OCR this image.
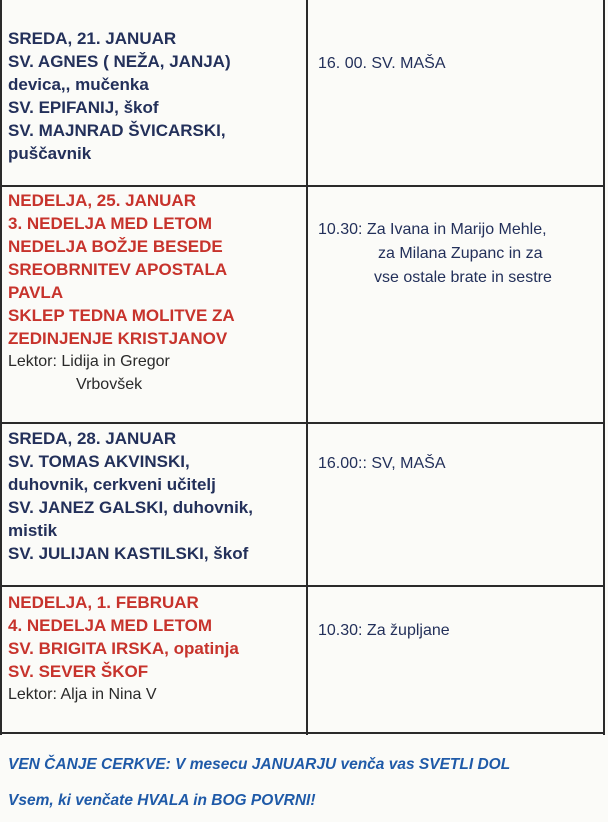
SREDA, 21. JANUAR
SV. AGNES ( NEŽA, JANJA)
devica,, mučenka
SV. EPIFANIJ, škof
SV. MAJNRAD ŠVICARSKI,
puščavnik
16. 00. SV. MAŠA
NEDELJA, 25. JANUAR
3. NEDELJA MED LETOM
NEDELJA BOŽJE BESEDE
SREOBRNITEV APOSTALA
PAVLA
SKLEP TEDNA MOLITVE ZA
ZEDINJENJE KRISTJANOV
Lektor: Lidija in Gregor
Vrbovšek
10.30: Za Ivana in Marijo Mehle,
za Milana Zupanc in za
vse ostale brate in sestre
SREDA, 28. JANUAR
SV. TOMAS AKVINSKI,
duhovnik, cerkveni učitelj
SV. JANEZ GALSKI, duhovnik,
mistik
SV. JULIJAN KASTILSKI, škof
16.00:: SV, MAŠA
NEDELJA, 1. FEBRUAR
4. NEDELJA MED LETOM
SV. BRIGITA IRSKA, opatinja
SV. SEVER ŠKOF
Lektor: Alja in Nina V
10.30: Za župljane
VEN ČANJE CERKVE: V mesecu JANUARJU venča vas SVETLI DOL
Vsem, ki venčate HVALA in BOG POVRNI!
